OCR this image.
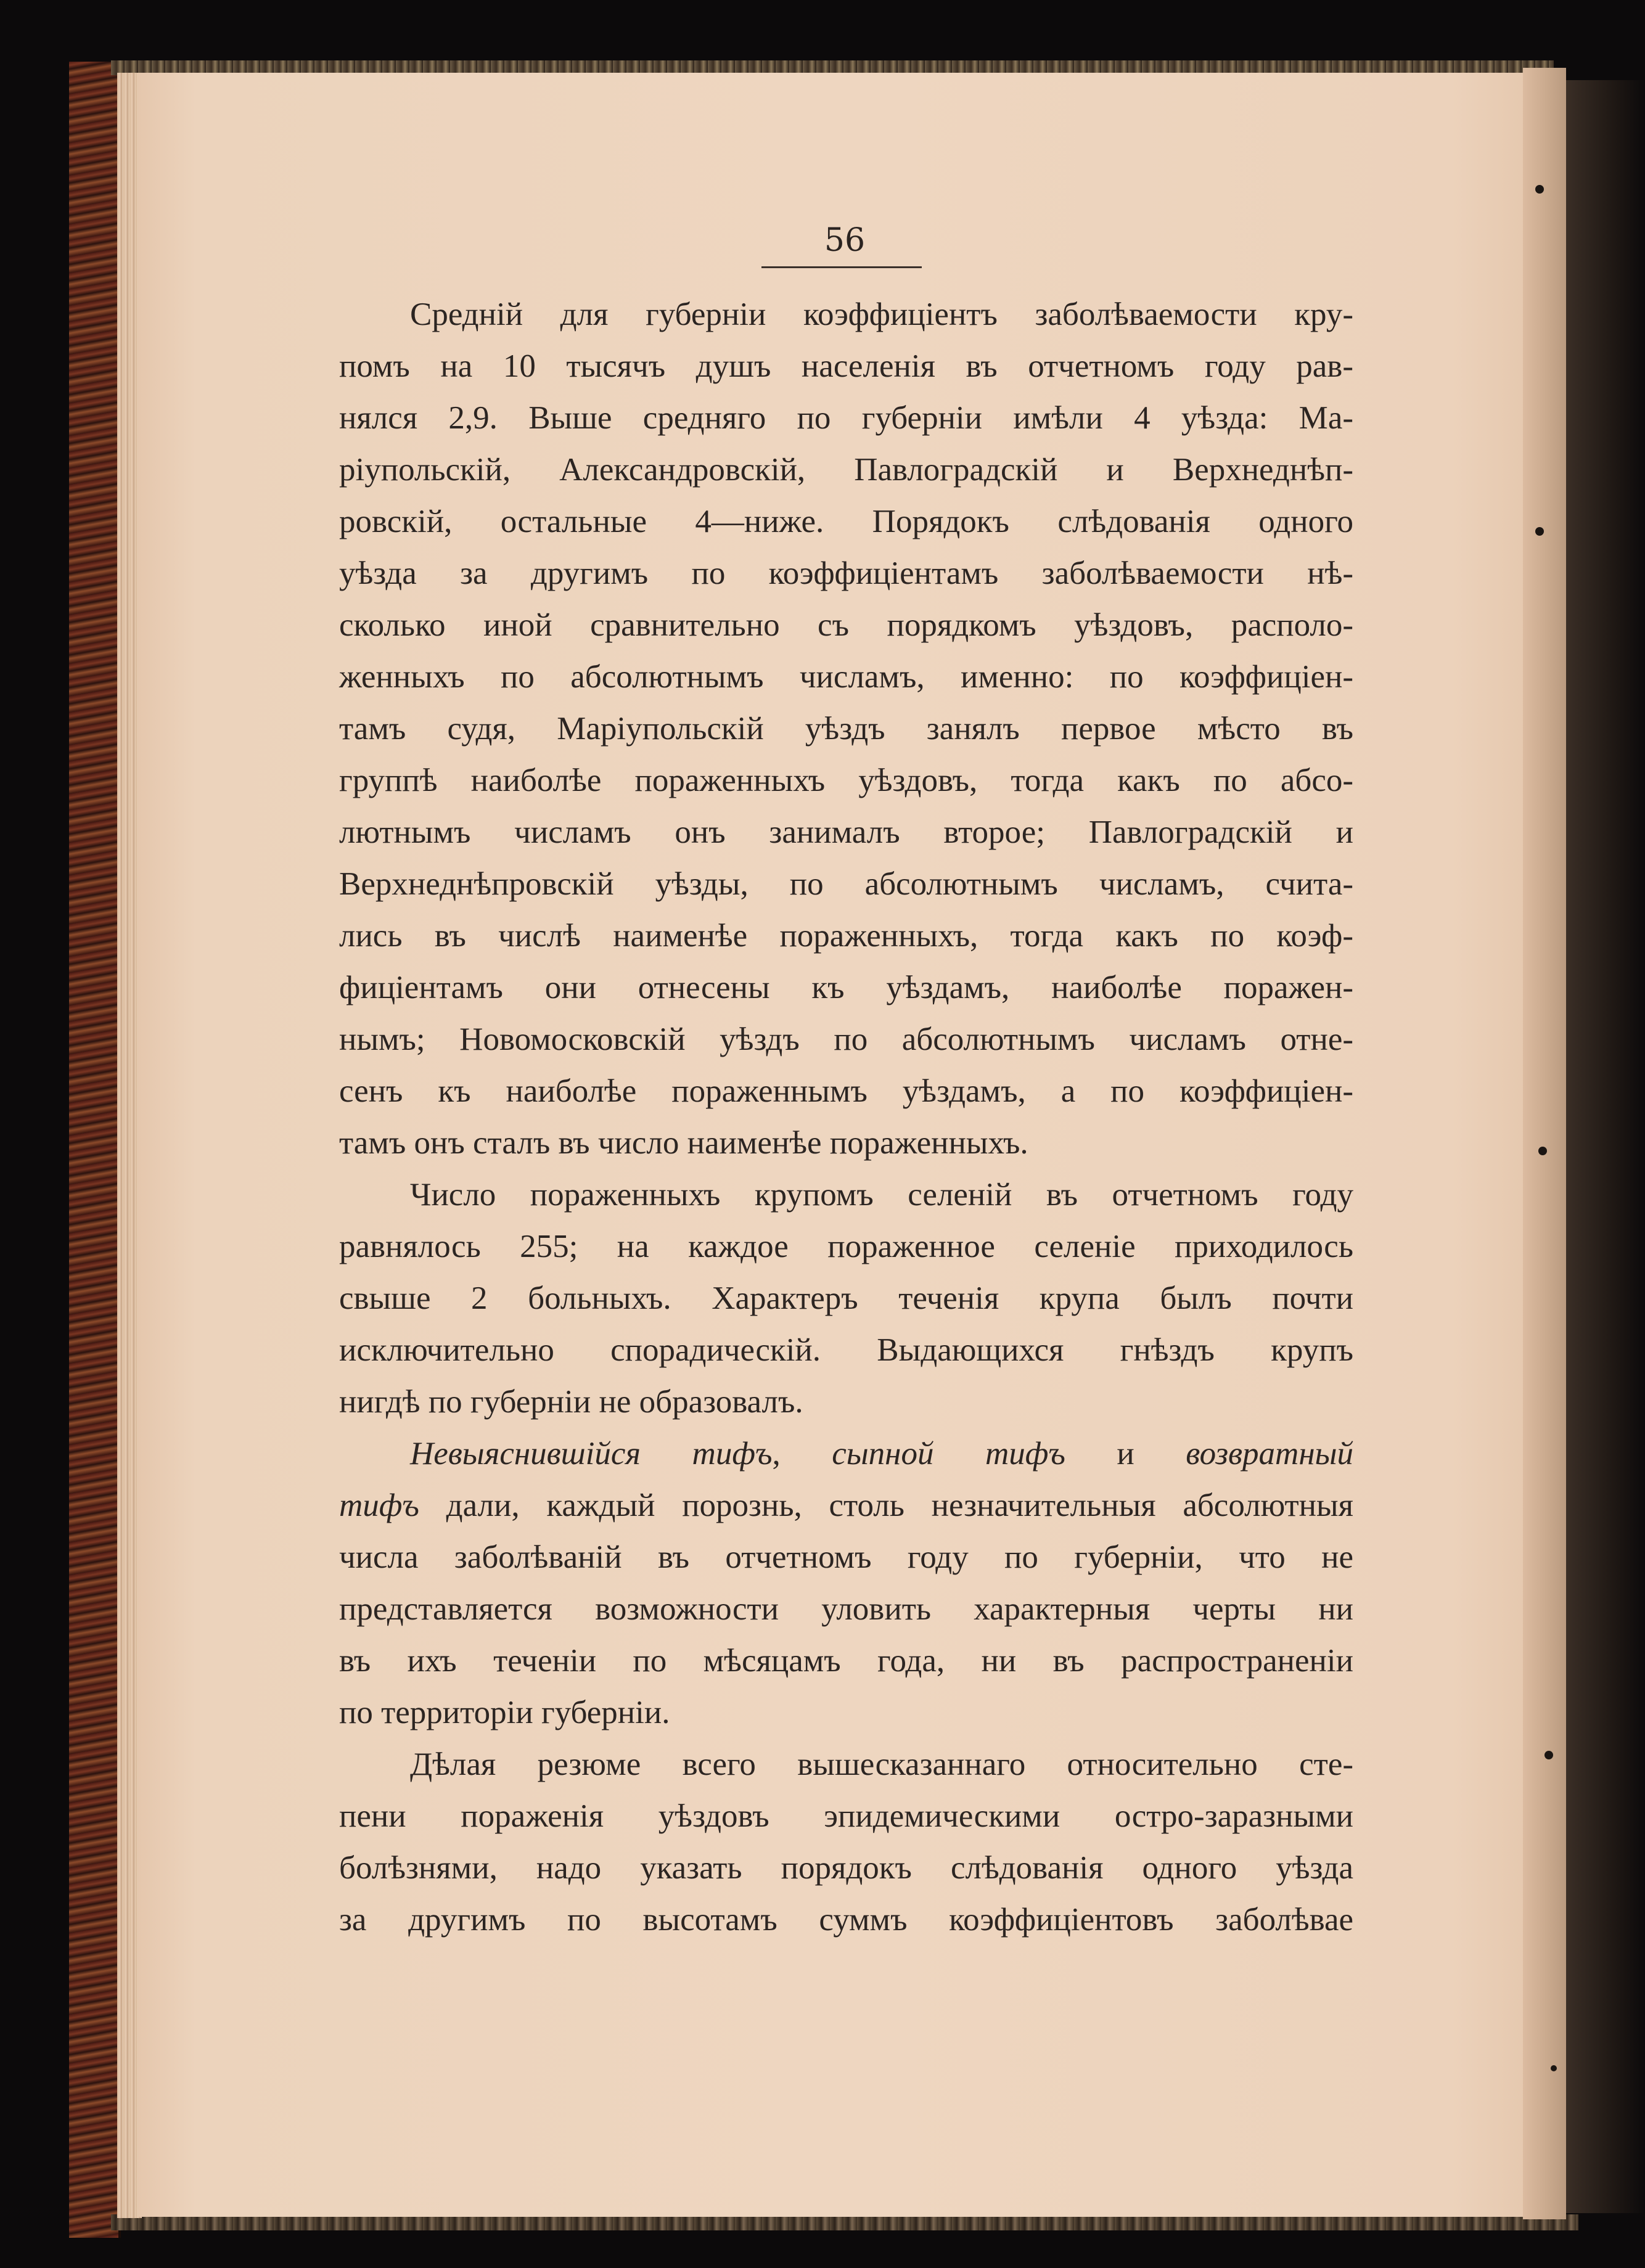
56

Среднiй для губернiи коэффицiентъ заболѣваемости кру-
помъ на 10 тысячъ душъ населенiя въ отчетномъ году рав-
нялся 2,9. Выше средняго по губернiи имѣли 4 уѣзда: Ма-
рiупольскiй, Александровскiй, Павлоградскiй и Верхнеднѣп-
ровскiй, остальные 4—ниже. Порядокъ слѣдованiя одного
уѣзда за другимъ по коэффицiентамъ заболѣваемости нѣ-
сколько иной сравнительно съ порядкомъ уѣздовъ, располо-
женныхъ по абсолютнымъ числамъ, именно: по коэффицiен-
тамъ судя, Марiупольскiй уѣздъ занялъ первое мѣсто въ
группѣ наиболѣе пораженныхъ уѣздовъ, тогда какъ по абсо-
лютнымъ числамъ онъ занималъ второе; Павлоградскiй и
Верхнеднѣпровскiй уѣзды, по абсолютнымъ числамъ, счита-
лись въ числѣ наименѣе пораженныхъ, тогда какъ по коэф-
фицiентамъ они отнесены къ уѣздамъ, наиболѣе поражен-
нымъ; Новомосковскiй уѣздъ по абсолютнымъ числамъ отне-
сенъ къ наиболѣе пораженнымъ уѣздамъ, а по коэффицiен-
тамъ онъ сталъ въ число наименѣе пораженныхъ.
Число пораженныхъ крупомъ селенiй въ отчетномъ году
равнялось 255; на каждое пораженное селенiе приходилось
свыше 2 больныхъ. Характеръ теченiя крупа былъ почти
исключительно спорадическiй. Выдающихся гнѣздъ крупъ
нигдѣ по губернiи не образовалъ.
Невыяснившiйся тифъ, сыпной тифъ и возвратный
тифъ дали, каждый порознь, столь незначительныя абсолютныя
числа заболѣванiй въ отчетномъ году по губернiи, что не
представляется возможности уловить характерныя черты ни
въ ихъ теченiи по мѣсяцамъ года, ни въ распространенiи
по территорiи губернiи.
Дѣлая резюме всего вышесказаннаго относительно сте-
пени пораженiя уѣздовъ эпидемическими остро-заразными
болѣзнями, надо указать порядокъ слѣдованiя одного уѣзда
за другимъ по высотамъ суммъ коэффицiентовъ заболѣвае
